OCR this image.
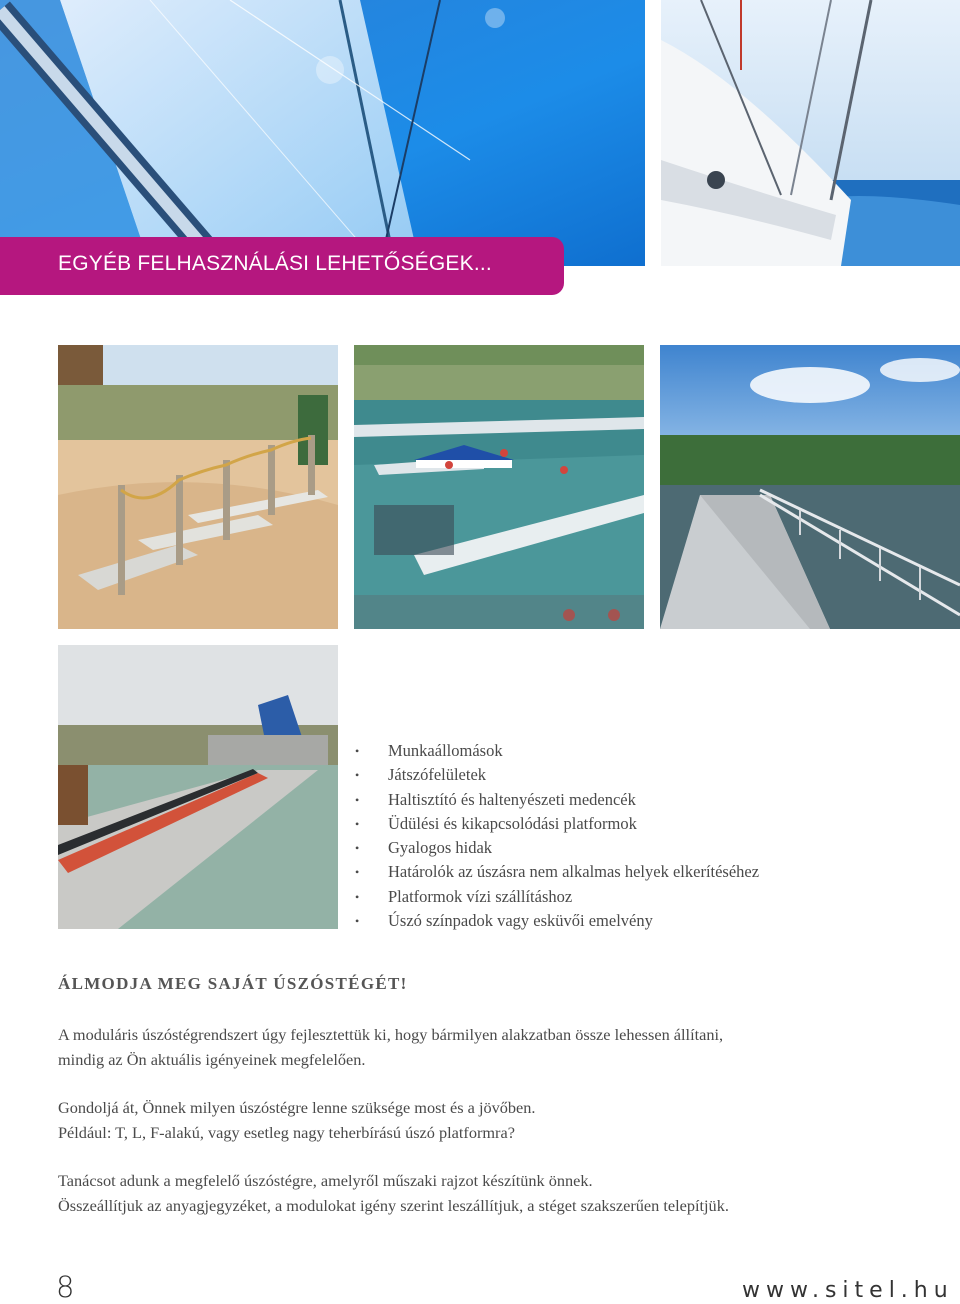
EGYÉB FELHASZNÁLÁSI LEHETŐSÉGEK...
• Munkaállomások
• Játszófelületek
• Haltisztító és haltenyészeti medencék
• Üdülési és kikapcsolódási platformok
• Gyalogos hidak
• Határolók az úszásra nem alkalmas helyek elkerítéséhez
• Platformok vízi szállításhoz
• Úszó színpadok vagy esküvői emelvény
ÁLMODJA MEG SAJÁT ÚSZÓSTÉGÉT!

A moduláris úszóstégrendszert úgy fejlesztettük ki, hogy bármilyen alakzatban össze lehessen állítani,
mindig az Ön aktuális igényeinek megfelelően.

Gondoljá át, Önnek milyen úszóstégre lenne szüksége most és a jövőben.
Például: T, L, F-alakú, vagy esetleg nagy teherbírású úszó platformra?

Tanácsot adunk a megfelelő úszóstégre, amelyről műszaki rajzot készítünk önnek.
Összeállítjuk az anyagjegyzéket, a modulokat igény szerint leszállítjuk, a stéget szakszerűen telepítjük.

8	www.sitel.hu
